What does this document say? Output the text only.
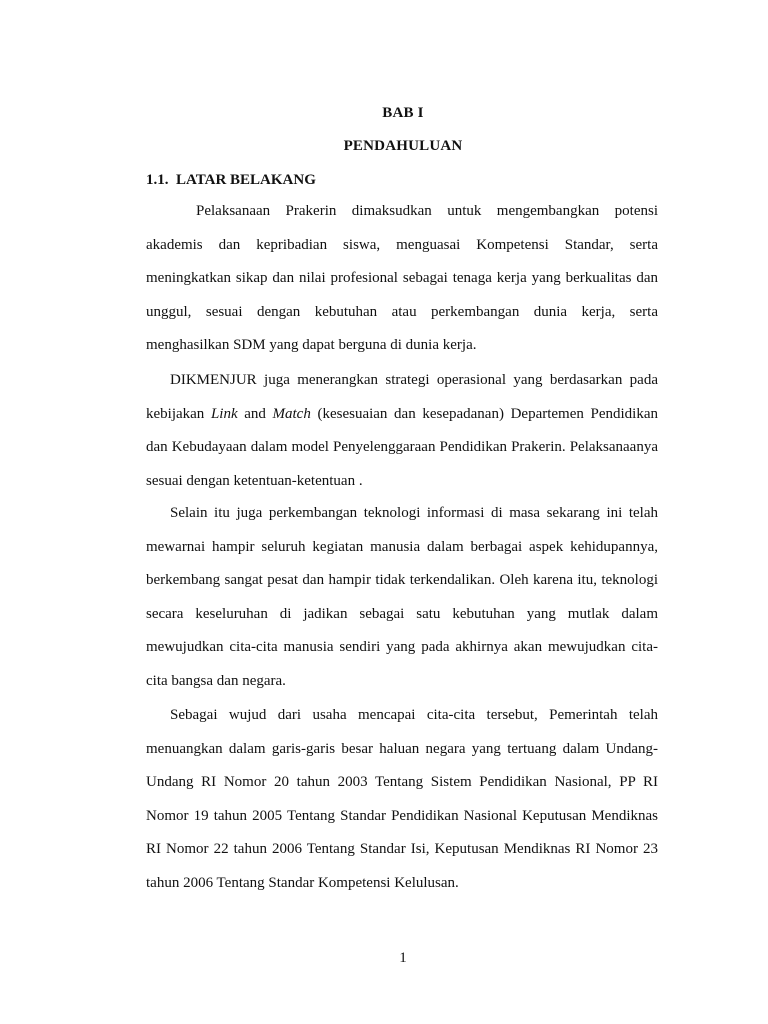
BAB I
PENDAHULUAN
1.1. LATAR BELAKANG

Pelaksanaan Prakerin dimaksudkan untuk mengembangkan potensi akademis dan kepribadian siswa, menguasai Kompetensi Standar, serta meningkatkan sikap dan nilai profesional sebagai tenaga kerja yang berkualitas dan unggul, sesuai dengan kebutuhan atau perkembangan dunia kerja, serta menghasilkan SDM yang dapat berguna di dunia kerja.

DIKMENJUR juga menerangkan strategi operasional yang berdasarkan pada kebijakan Link and Match (kesesuaian dan kesepadanan) Departemen Pendidikan dan Kebudayaan dalam model Penyelenggaraan Pendidikan Prakerin. Pelaksanaanya sesuai dengan ketentuan-ketentuan .

Selain itu juga perkembangan teknologi informasi di masa sekarang ini telah mewarnai hampir seluruh kegiatan manusia dalam berbagai aspek kehidupannya, berkembang sangat pesat dan hampir tidak terkendalikan. Oleh karena itu, teknologi secara keseluruhan di jadikan sebagai satu kebutuhan yang mutlak dalam mewujudkan cita-cita manusia sendiri yang pada akhirnya akan mewujudkan cita-cita bangsa dan negara.

Sebagai wujud dari usaha mencapai cita-cita tersebut, Pemerintah telah menuangkan dalam garis-garis besar haluan negara yang tertuang dalam Undang-Undang RI Nomor 20 tahun 2003 Tentang Sistem Pendidikan Nasional, PP RI Nomor 19 tahun 2005 Tentang Standar Pendidikan Nasional Keputusan Mendiknas RI Nomor 22 tahun 2006 Tentang Standar Isi, Keputusan Mendiknas RI Nomor 23 tahun 2006 Tentang Standar Kompetensi Kelulusan.

1
